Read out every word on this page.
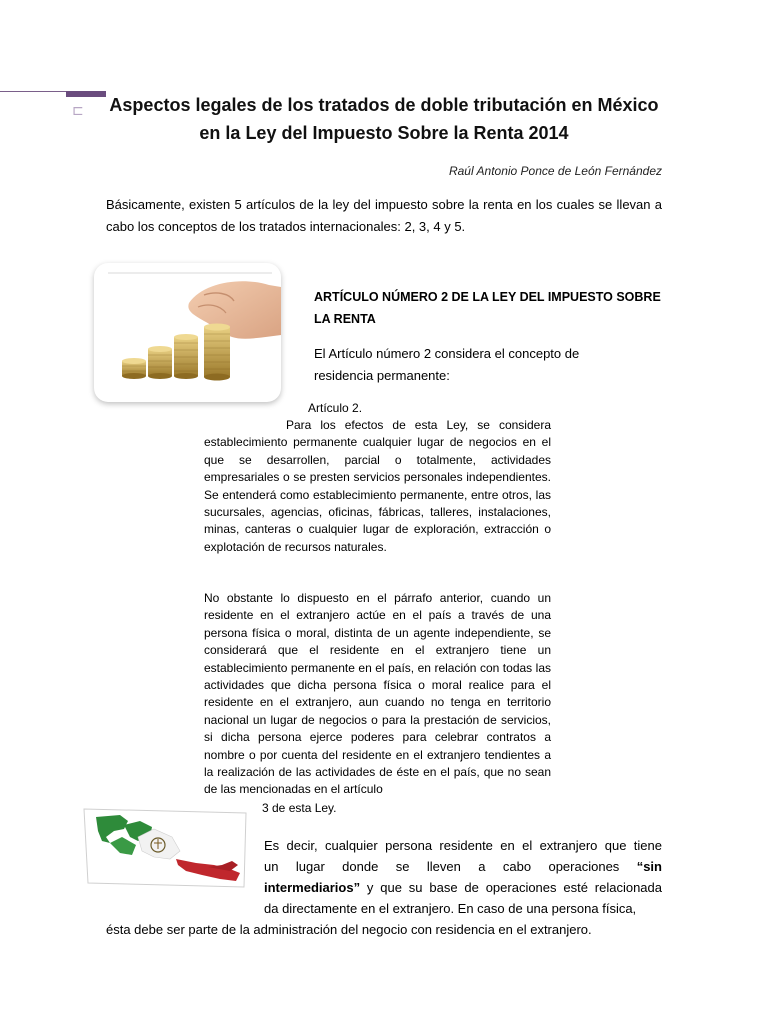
⊏	Aspectos legales de los tratados de doble tributación en México
en la Ley del Impuesto Sobre la Renta 2014
Raúl Antonio Ponce de León Fernández
Básicamente, existen 5 artículos de la ley del impuesto sobre la renta en los cuales se llevan a cabo los conceptos de los tratados internacionales: 2, 3, 4 y 5.
ARTÍCULO NÚMERO 2 DE LA LEY DEL IMPUESTO SOBRE
LA RENTA
El Artículo número 2 considera el concepto de
residencia permanente:
Artículo 2.
Para los efectos de esta Ley, se considera establecimiento permanente cualquier lugar de negocios en el que se desarrollen, parcial o totalmente, actividades empresariales o se presten servicios personales independientes. Se entenderá como establecimiento permanente, entre otros, las sucursales, agencias, oficinas, fábricas, talleres, instalaciones, minas, canteras o cualquier lugar de exploración, extracción o explotación de recursos naturales.
No obstante lo dispuesto en el párrafo anterior, cuando un residente en el extranjero actúe en el país a través de una persona física o moral, distinta de un agente independiente, se considerará que el residente en el extranjero tiene un establecimiento permanente en el país, en relación con todas las actividades que dicha persona física o moral realice para el residente en el extranjero, aun cuando no tenga en territorio nacional un lugar de negocios o para la prestación de servicios, si dicha persona ejerce poderes para celebrar contratos a nombre o por cuenta del residente en el extranjero tendientes a la realización de las actividades de éste en el país, que no sean de las mencionadas en el artículo
3 de esta Ley.
Es decir, cualquier persona residente en el extranjero que tiene
un lugar donde se lleven a cabo operaciones “sin
intermediarios” y que su base de operaciones esté relacionada
da directamente en el extranjero. En caso de una persona física,
ésta debe ser parte de la administración del negocio con residencia en el extranjero.
